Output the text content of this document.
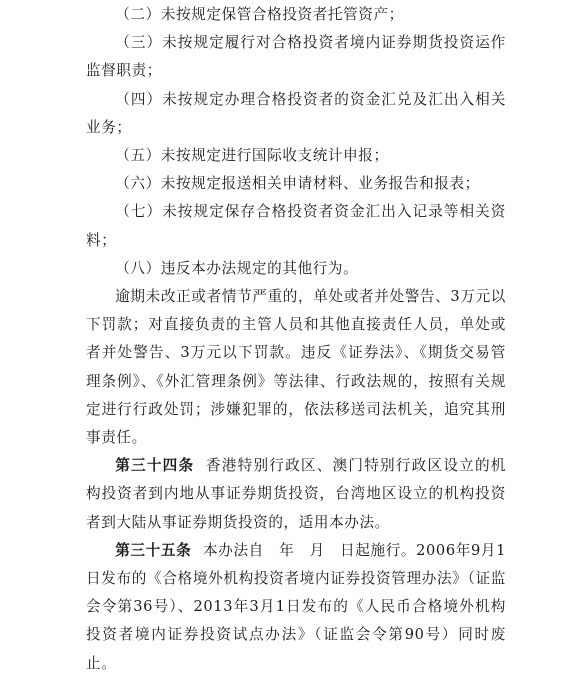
（二）未按规定保管合格投资者托管资产；

（三）未按规定履行对合格投资者境内证券期货投资运作监督职责；

（四）未按规定办理合格投资者的资金汇兑及汇出入相关业务；

（五）未按规定进行国际收支统计申报；

（六）未按规定报送相关申请材料、业务报告和报表；

（七）未按规定保存合格投资者资金汇出入记录等相关资料；

（八）违反本办法规定的其他行为。

逾期未改正或者情节严重的，单处或者并处警告、3万元以下罚款；对直接负责的主管人员和其他直接责任人员，单处或者并处警告、3万元以下罚款。违反《证券法》、《期货交易管理条例》、《外汇管理条例》等法律、行政法规的，按照有关规定进行行政处罚；涉嫌犯罪的，依法移送司法机关，追究其刑事责任。

第三十四条 香港特别行政区、澳门特别行政区设立的机构投资者到内地从事证券期货投资，台湾地区设立的机构投资者到大陆从事证券期货投资的，适用本办法。

第三十五条 本办法自　年　月　日起施行。2006年9月1日发布的《合格境外机构投资者境内证券投资管理办法》（证监会令第36号）、2013年3月1日发布的《人民币合格境外机构投资者境内证券投资试点办法》（证监会令第90号）同时废止。
